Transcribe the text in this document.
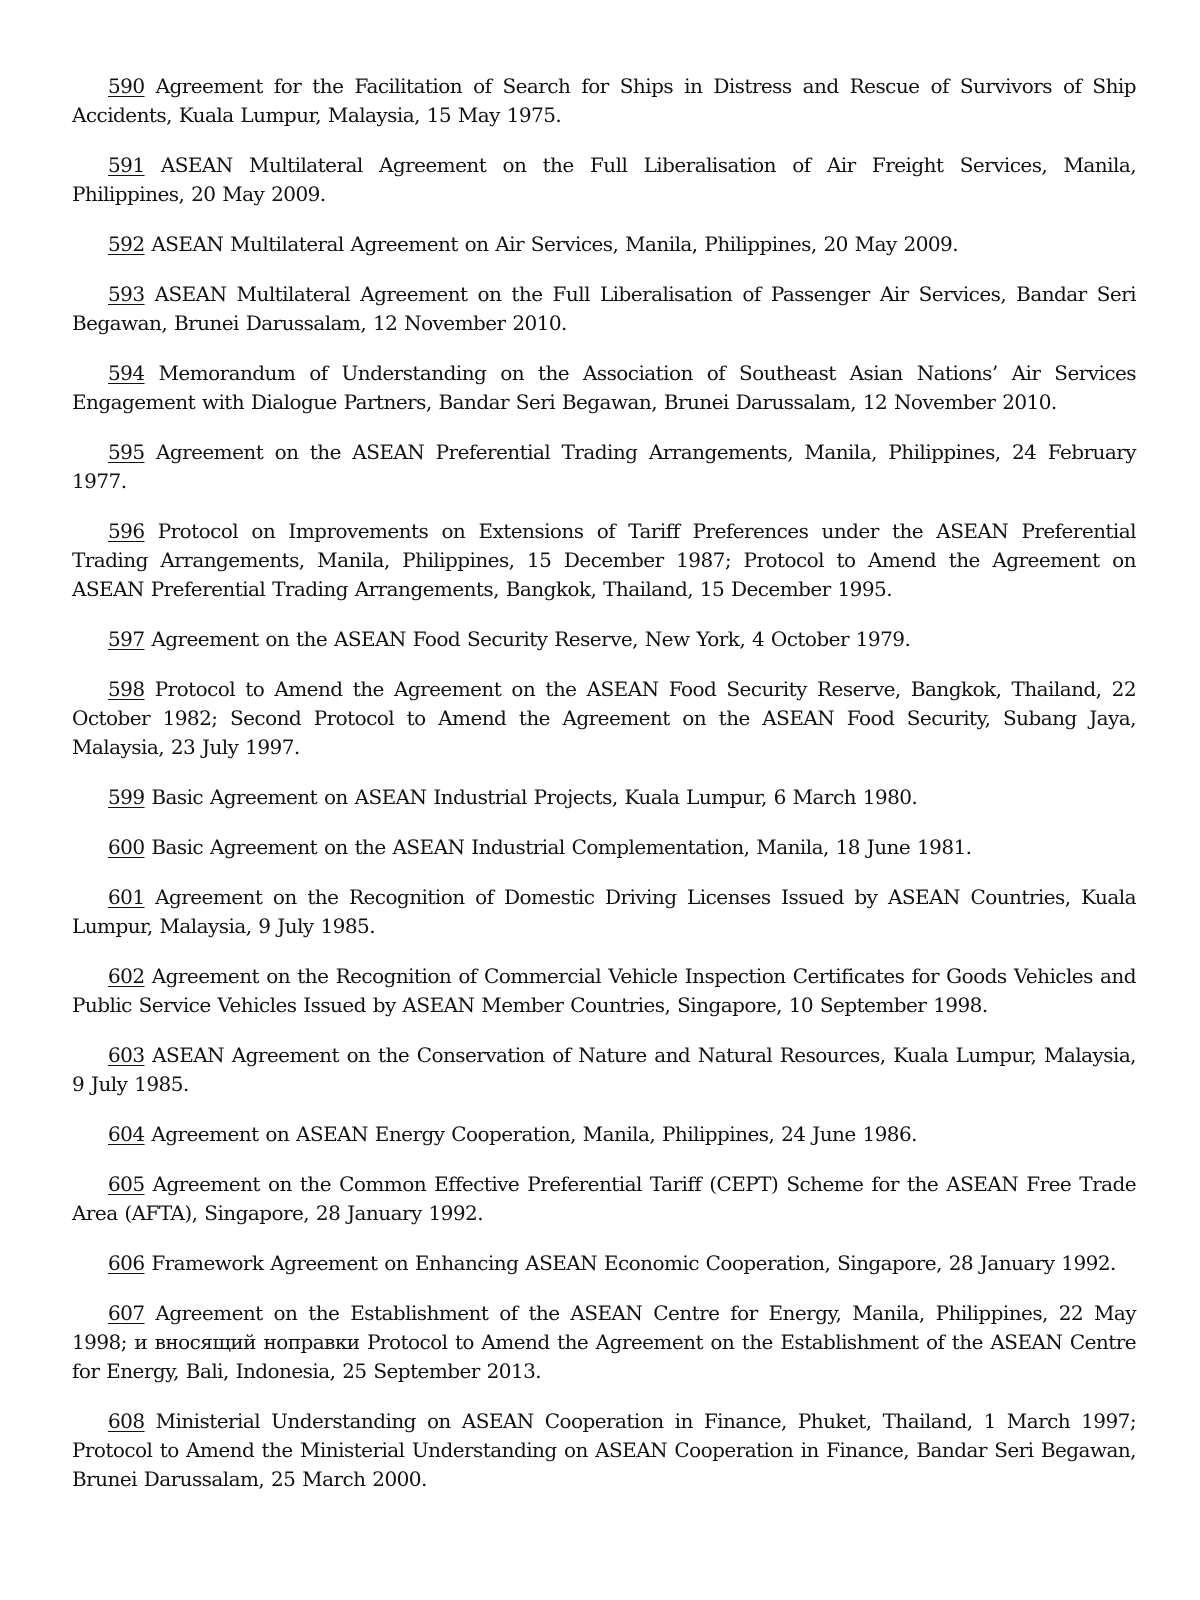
590 Agreement for the Facilitation of Search for Ships in Distress and Rescue of Survivors of Ship Accidents, Kuala Lumpur, Malaysia, 15 May 1975.

591 ASEAN Multilateral Agreement on the Full Liberalisation of Air Freight Services, Manila, Philippines, 20 May 2009.

592 ASEAN Multilateral Agreement on Air Services, Manila, Philippines, 20 May 2009.

593 ASEAN Multilateral Agreement on the Full Liberalisation of Passenger Air Services, Bandar Seri Begawan, Brunei Darussalam, 12 November 2010.

594 Memorandum of Understanding on the Association of Southeast Asian Nations’ Air Services Engagement with Dialogue Partners, Bandar Seri Begawan, Brunei Darussalam, 12 November 2010.

595 Agreement on the ASEAN Preferential Trading Arrangements, Manila, Philippines, 24 February 1977.

596 Protocol on Improvements on Extensions of Tariff Preferences under the ASEAN Preferential Trading Arrangements, Manila, Philippines, 15 December 1987; Protocol to Amend the Agreement on ASEAN Preferential Trading Arrangements, Bangkok, Thailand, 15 December 1995.

597 Agreement on the ASEAN Food Security Reserve, New York, 4 October 1979.

598 Protocol to Amend the Agreement on the ASEAN Food Security Reserve, Bangkok, Thailand, 22 October 1982; Second Protocol to Amend the Agreement on the ASEAN Food Security, Subang Jaya, Malaysia, 23 July 1997.

599 Basic Agreement on ASEAN Industrial Projects, Kuala Lumpur, 6 March 1980.

600 Basic Agreement on the ASEAN Industrial Complementation, Manila, 18 June 1981.

601 Agreement on the Recognition of Domestic Driving Licenses Issued by ASEAN Countries, Kuala Lumpur, Malaysia, 9 July 1985.

602 Agreement on the Recognition of Commercial Vehicle Inspection Certificates for Goods Vehicles and Public Service Vehicles Issued by ASEAN Member Countries, Singapore, 10 September 1998.

603 ASEAN Agreement on the Conservation of Nature and Natural Resources, Kuala Lumpur, Malaysia, 9 July 1985.

604 Agreement on ASEAN Energy Cooperation, Manila, Philippines, 24 June 1986.

605 Agreement on the Common Effective Preferential Tariff (CEPT) Scheme for the ASEAN Free Trade Area (AFTA), Singapore, 28 January 1992.

606 Framework Agreement on Enhancing ASEAN Economic Cooperation, Singapore, 28 January 1992.

607 Agreement on the Establishment of the ASEAN Centre for Energy, Manila, Philippines, 22 May 1998; и вносящий нoправки Protocol to Amend the Agreement on the Establishment of the ASEAN Centre for Energy, Bali, Indonesia, 25 September 2013.

608 Ministerial Understanding on ASEAN Cooperation in Finance, Phuket, Thailand, 1 March 1997; Protocol to Amend the Ministerial Understanding on ASEAN Cooperation in Finance, Bandar Seri Begawan, Brunei Darussalam, 25 March 2000.
